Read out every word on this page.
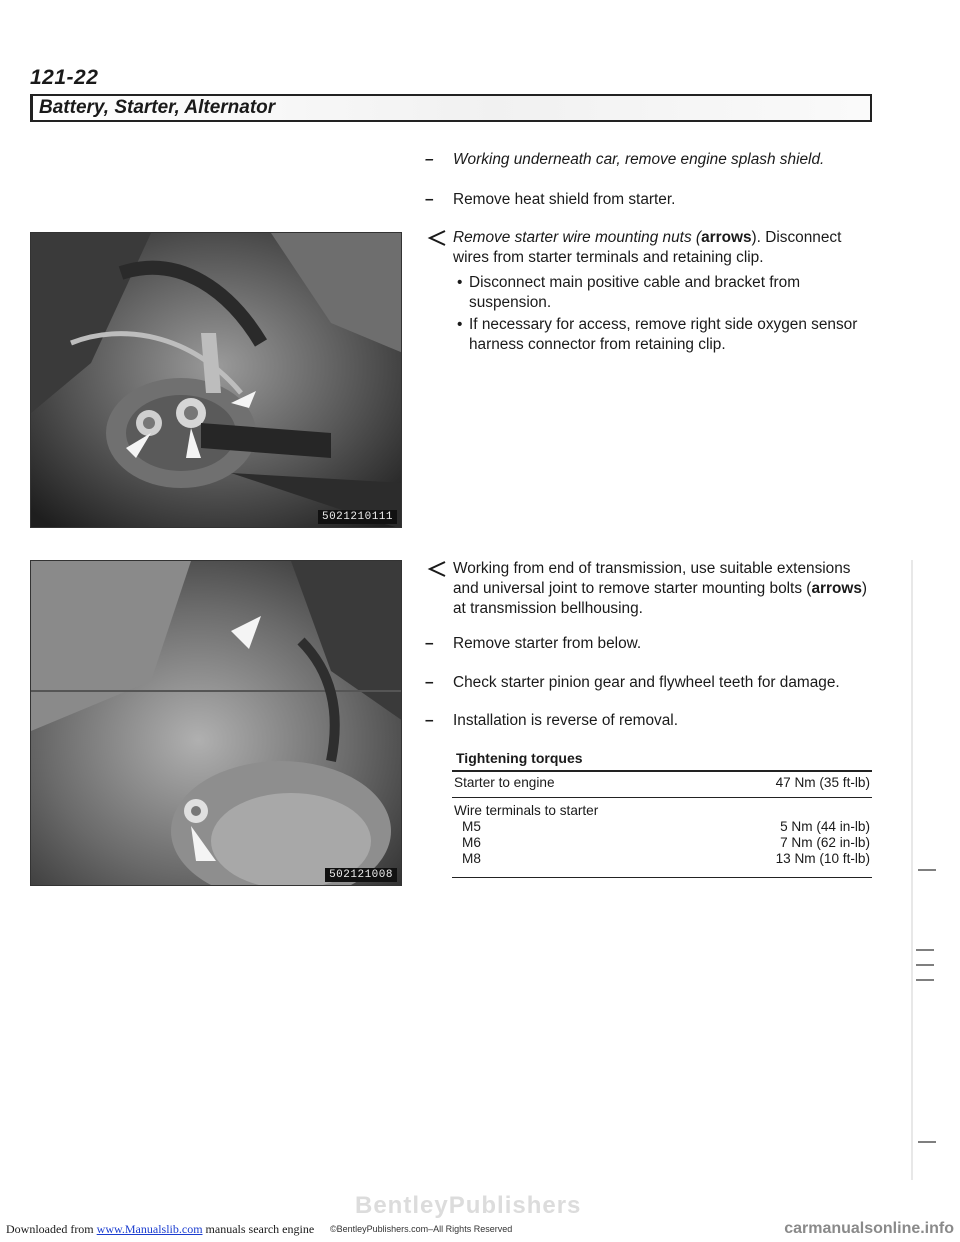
121-22
Battery, Starter, Alternator
5021210111
502121008
– Working underneath car, remove engine splash shield.
– Remove heat shield from starter.
Remove starter wire mounting nuts (arrows). Disconnect wires from starter terminals and retaining clip.
• Disconnect main positive cable and bracket from suspension.
• If necessary for access, remove right side oxygen sensor harness connector from retaining clip.
Working from end of transmission, use suitable extensions and universal joint to remove starter mounting bolts (arrows) at transmission bellhousing.
– Remove starter from below.
– Check starter pinion gear and flywheel teeth for damage.
– Installation is reverse of removal.
Tightening torques
Starter to engine	47 Nm (35 ft-lb)
Wire terminals to starter	
M5	5 Nm (44 in-lb)
M6	7 Nm (62 in-lb)
M8	13 Nm (10 ft-lb)
BentleyPublishers
Downloaded from www.Manualslib.com manuals search engine ©BentleyPublishers.com–All Rights Reserved	carmanualsonline.info
